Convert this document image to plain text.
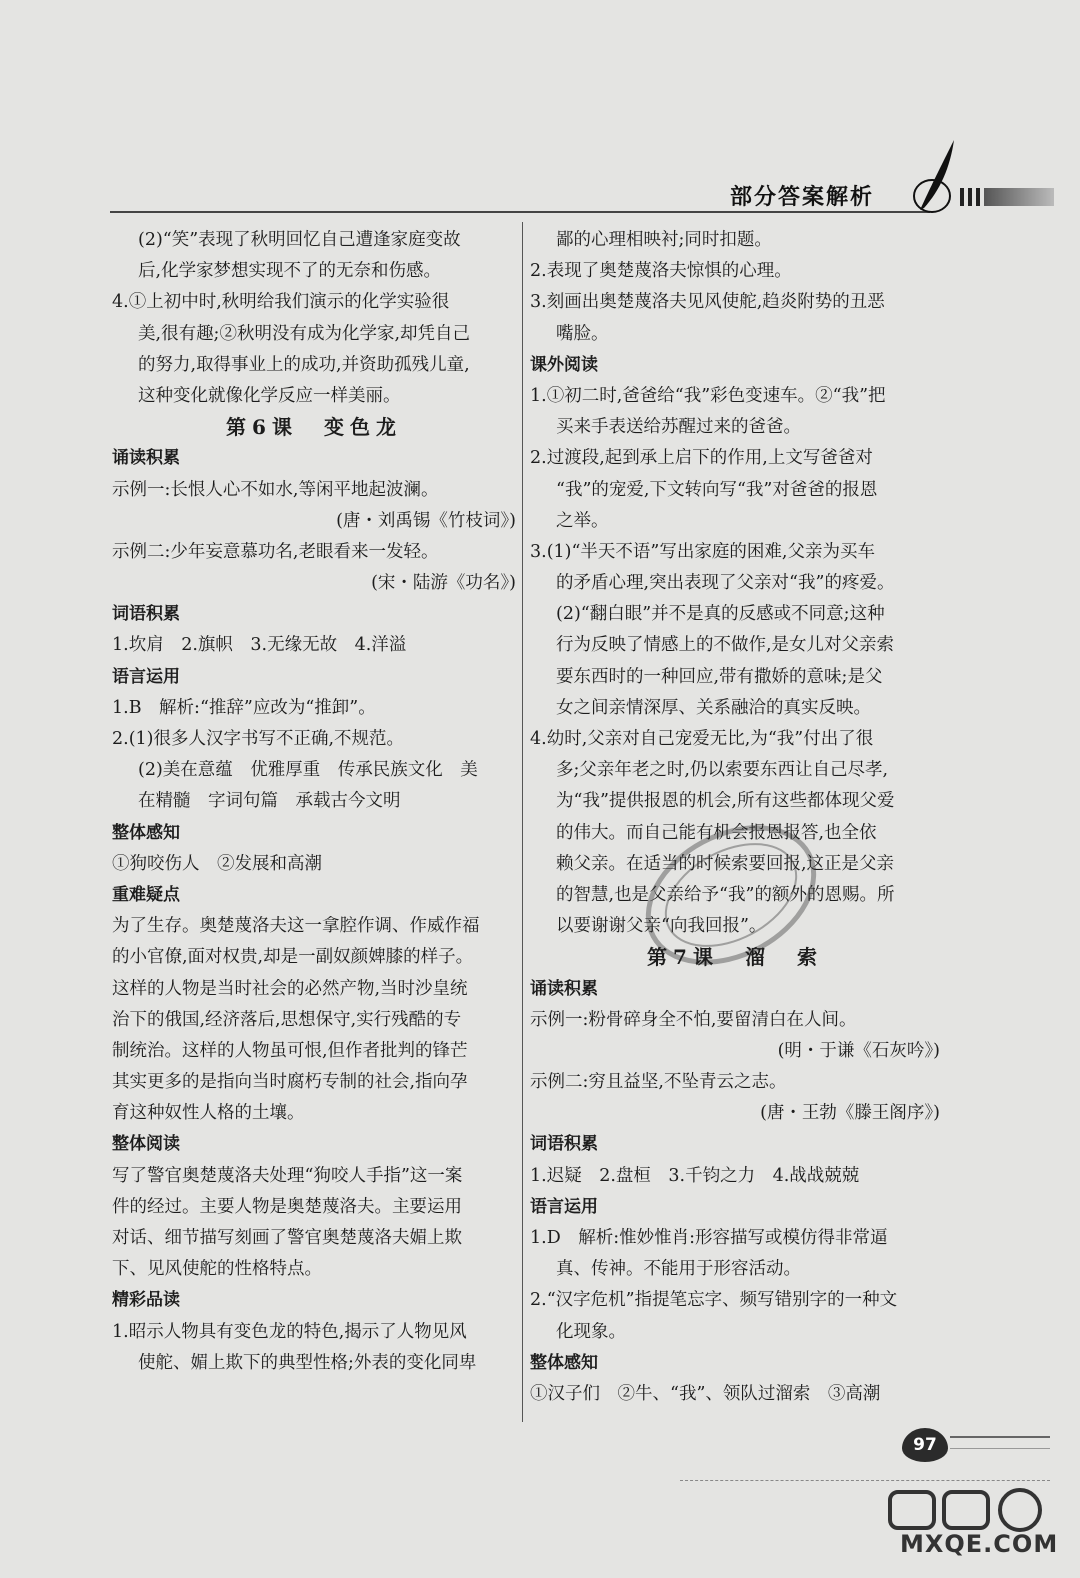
部分答案解析
(2)“笑”表现了秋明回忆自己遭逢家庭变故
后,化学家梦想实现不了的无奈和伤感。
4.①上初中时,秋明给我们演示的化学实验很
美,很有趣;②秋明没有成为化学家,却凭自己
的努力,取得事业上的成功,并资助孤残儿童,
这种变化就像化学反应一样美丽。
第6课　变色龙
诵读积累
示例一:长恨人心不如水,等闲平地起波澜。
(唐・刘禹锡《竹枝词》)
示例二:少年妄意慕功名,老眼看来一发轻。
(宋・陆游《功名》)
词语积累
1.坎肩　2.旗帜　3.无缘无故　4.洋溢
语言运用
1.B　解析:“推辞”应改为“推卸”。
2.(1)很多人汉字书写不正确,不规范。
(2)美在意蕴　优雅厚重　传承民族文化　美
在精髓　字词句篇　承载古今文明
整体感知
①狗咬伤人　②发展和高潮
重难疑点
为了生存。奥楚蔑洛夫这一拿腔作调、作威作福
的小官僚,面对权贵,却是一副奴颜婢膝的样子。
这样的人物是当时社会的必然产物,当时沙皇统
治下的俄国,经济落后,思想保守,实行残酷的专
制统治。这样的人物虽可恨,但作者批判的锋芒
其实更多的是指向当时腐朽专制的社会,指向孕
育这种奴性人格的土壤。
整体阅读
写了警官奥楚蔑洛夫处理“狗咬人手指”这一案
件的经过。主要人物是奥楚蔑洛夫。主要运用
对话、细节描写刻画了警官奥楚蔑洛夫媚上欺
下、见风使舵的性格特点。
精彩品读
1.昭示人物具有变色龙的特色,揭示了人物见风
使舵、媚上欺下的典型性格;外表的变化同卑
鄙的心理相映衬;同时扣题。
2.表现了奥楚蔑洛夫惊惧的心理。
3.刻画出奥楚蔑洛夫见风使舵,趋炎附势的丑恶
嘴脸。
课外阅读
1.①初二时,爸爸给“我”彩色变速车。②“我”把
买来手表送给苏醒过来的爸爸。
2.过渡段,起到承上启下的作用,上文写爸爸对
“我”的宠爱,下文转向写“我”对爸爸的报恩
之举。
3.(1)“半天不语”写出家庭的困难,父亲为买车
的矛盾心理,突出表现了父亲对“我”的疼爱。
(2)“翻白眼”并不是真的反感或不同意;这种
行为反映了情感上的不做作,是女儿对父亲索
要东西时的一种回应,带有撒娇的意味;是父
女之间亲情深厚、关系融洽的真实反映。
4.幼时,父亲对自己宠爱无比,为“我”付出了很
多;父亲年老之时,仍以索要东西让自己尽孝,
为“我”提供报恩的机会,所有这些都体现父爱
的伟大。而自己能有机会报恩报答,也全依
赖父亲。在适当的时候索要回报,这正是父亲
的智慧,也是父亲给予“我”的额外的恩赐。所
以要谢谢父亲“向我回报”。
第7课　溜　索
诵读积累
示例一:粉骨碎身全不怕,要留清白在人间。
(明・于谦《石灰吟》)
示例二:穷且益坚,不坠青云之志。
(唐・王勃《滕王阁序》)
词语积累
1.迟疑　2.盘桓　3.千钧之力　4.战战兢兢
语言运用
1.D　解析:惟妙惟肖:形容描写或模仿得非常逼
真、传神。不能用于形容活动。
2.“汉字危机”指提笔忘字、频写错别字的一种文
化现象。
整体感知
①汉子们　②牛、“我”、领队过溜索　③高潮
97
MXQE.COM
